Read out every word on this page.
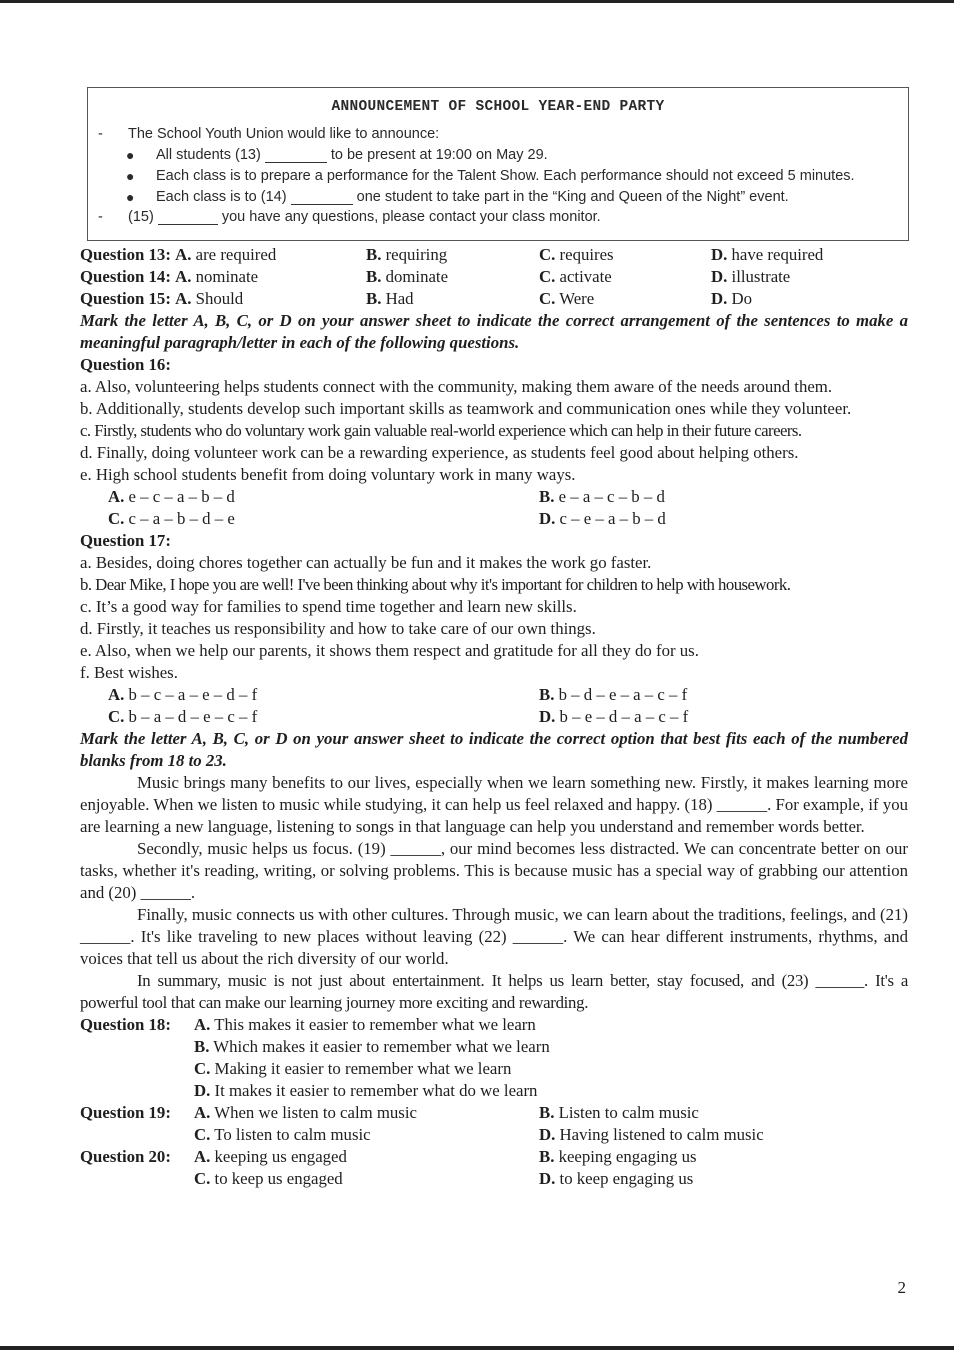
ANNOUNCEMENT OF SCHOOL YEAR-END PARTY
- The School Youth Union would like to announce:
● All students (13)	to be present at 19:00 on May 29.
● Each class is to prepare a performance for the Talent Show. Each performance should not exceed 5 minutes.
● Each class is to (14)	one student to take part in the “King and Queen of the Night” event.
- (15)	you have any questions, please contact your class monitor.
Question 13: A. are required	B. requiring	C. requires	D. have required
Question 14: A. nominate	B. dominate	C. activate	D. illustrate
Question 15: A. Should	B. Had	C. Were	D. Do
Mark the letter A, B, C, or D on your answer sheet to indicate the correct arrangement of the sentences to make a meaningful paragraph/letter in each of the following questions.
Question 16:
a. Also, volunteering helps students connect with the community, making them aware of the needs around them.
b. Additionally, students develop such important skills as teamwork and communication ones while they volunteer.
c. Firstly, students who do voluntary work gain valuable real-world experience which can help in their future careers.
d. Finally, doing volunteer work can be a rewarding experience, as students feel good about helping others.
e. High school students benefit from doing voluntary work in many ways.
A. e – c – a – b – d	B. e – a – c – b – d
C. c – a – b – d – e	D. c – e – a – b – d
Question 17:
a. Besides, doing chores together can actually be fun and it makes the work go faster.
b. Dear Mike, I hope you are well! I've been thinking about why it's important for children to help with housework.
c. It’s a good way for families to spend time together and learn new skills.
d. Firstly, it teaches us responsibility and how to take care of our own things.
e. Also, when we help our parents, it shows them respect and gratitude for all they do for us.
f. Best wishes.
A. b – c – a – e – d – f	B. b – d – e – a – c – f
C. b – a – d – e – c – f	D. b – e – d – a – c – f
Mark the letter A, B, C, or D on your answer sheet to indicate the correct option that best fits each of the numbered blanks from 18 to 23.
Music brings many benefits to our lives, especially when we learn something new. Firstly, it makes learning more enjoyable. When we listen to music while studying, it can help us feel relaxed and happy. (18) ______. For example, if you are learning a new language, listening to songs in that language can help you understand and remember words better.
Secondly, music helps us focus. (19) ______, our mind becomes less distracted. We can concentrate better on our tasks, whether it's reading, writing, or solving problems. This is because music has a special way of grabbing our attention and (20) ______.
Finally, music connects us with other cultures. Through music, we can learn about the traditions, feelings, and (21) ______. It's like traveling to new places without leaving (22) ______. We can hear different instruments, rhythms, and voices that tell us about the rich diversity of our world.
In summary, music is not just about entertainment. It helps us learn better, stay focused, and (23) ______. It's a powerful tool that can make our learning journey more exciting and rewarding.
Question 18: A. This makes it easier to remember what we learn
B. Which makes it easier to remember what we learn
C. Making it easier to remember what we learn
D. It makes it easier to remember what do we learn
Question 19: A. When we listen to calm music	B. Listen to calm music
C. To listen to calm music	D. Having listened to calm music
Question 20: A. keeping us engaged	B. keeping engaging us
C. to keep us engaged	D. to keep engaging us
2
